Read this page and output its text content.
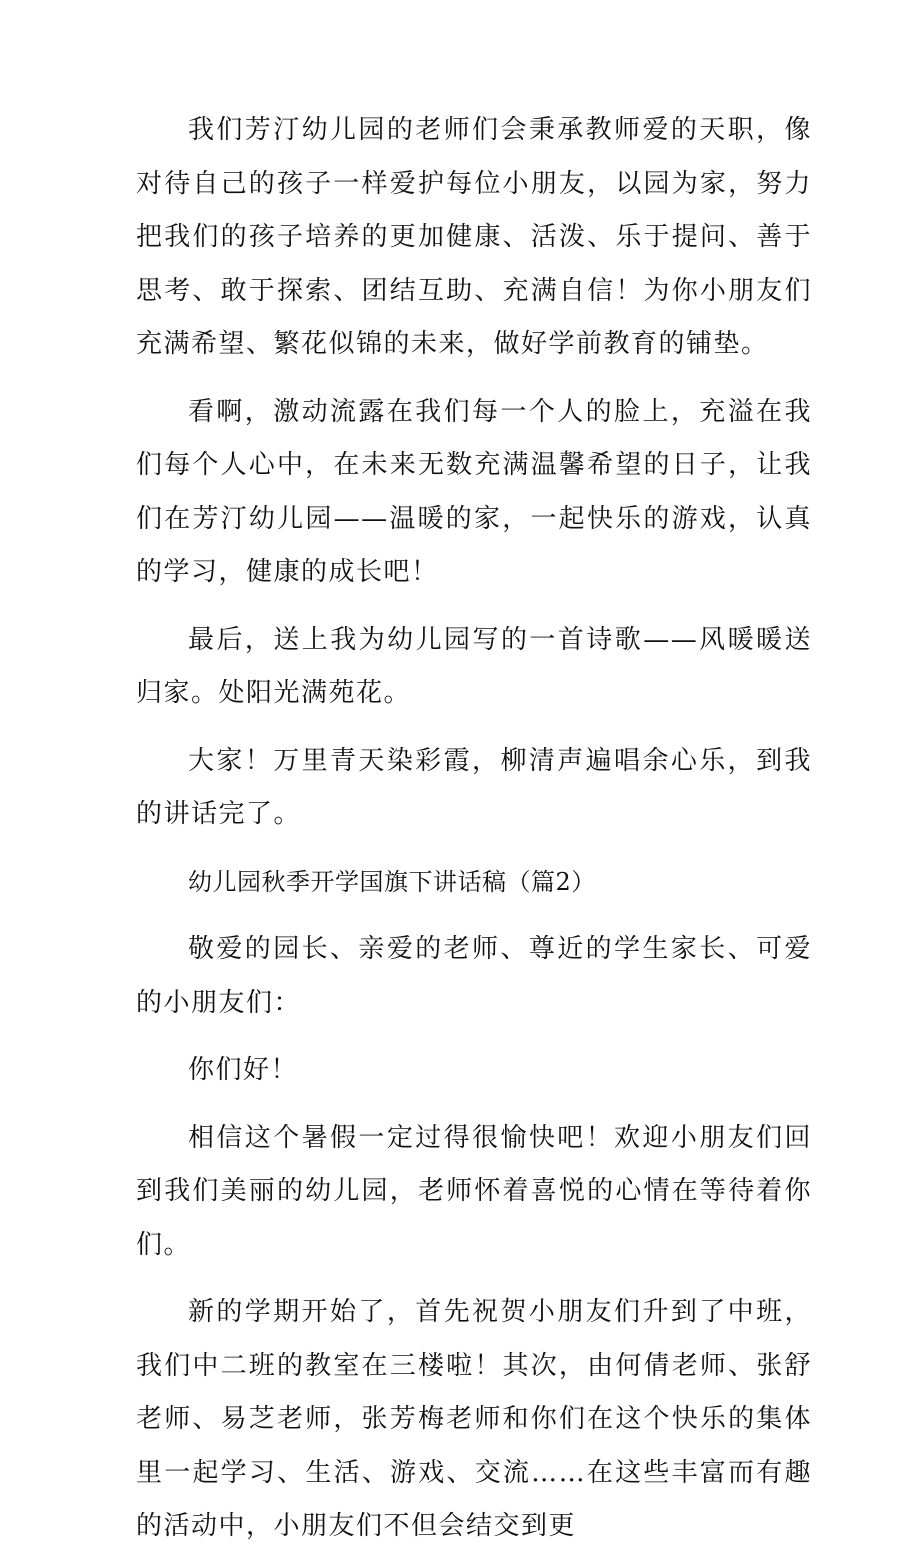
我们芳汀幼儿园的老师们会秉承教师爱的天职，像对待自己的孩子一样爱护每位小朋友，以园为家，努力把我们的孩子培养的更加健康、活泼、乐于提问、善于思考、敢于探索、团结互助、充满自信！为你小朋友们充满希望、繁花似锦的未来，做好学前教育的铺垫。

看啊，激动流露在我们每一个人的脸上，充溢在我们每个人心中，在未来无数充满温馨希望的日子，让我们在芳汀幼儿园——温暖的家，一起快乐的游戏，认真的学习，健康的成长吧！

最后，送上我为幼儿园写的一首诗歌——风暖暖送归家。处阳光满苑花。

大家！万里青天染彩霞，柳清声遍唱余心乐，到我的讲话完了。

幼儿园秋季开学国旗下讲话稿（篇2）

敬爱的园长、亲爱的老师、尊近的学生家长、可爱的小朋友们：

你们好！

相信这个暑假一定过得很愉快吧！欢迎小朋友们回到我们美丽的幼儿园，老师怀着喜悦的心情在等待着你们。

新的学期开始了，首先祝贺小朋友们升到了中班，我们中二班的教室在三楼啦！其次，由何倩老师、张舒老师、易芝老师，张芳梅老师和你们在这个快乐的集体里一起学习、生活、游戏、交流……在这些丰富而有趣的活动中，小朋友们不但会结交到更
